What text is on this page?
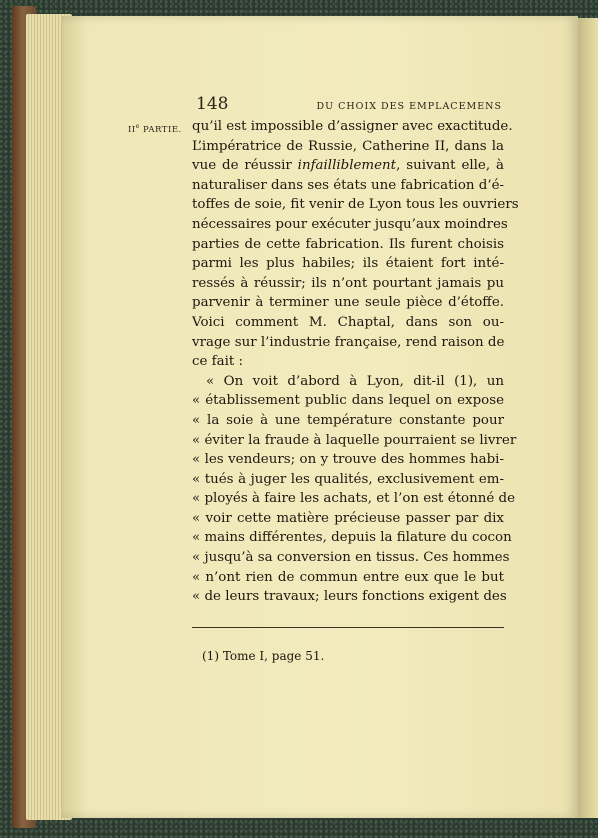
148	DU CHOIX DES EMPLACEMENS
IIe PARTIE. qu’il est impossible d’assigner avec exactitude.
L’impératrice de Russie, Catherine II, dans la
vue de réussir infailliblement, suivant elle, à
naturaliser dans ses états une fabrication d’é-
toffes de soie, fit venir de Lyon tous les ouvriers
nécessaires pour exécuter jusqu’aux moindres
parties de cette fabrication. Ils furent choisis
parmi les plus habiles; ils étaient fort inté-
ressés à réussir; ils n’ont pourtant jamais pu
parvenir à terminer une seule pièce d’étoffe.
Voici comment M. Chaptal, dans son ou-
vrage sur l’industrie française, rend raison de
ce fait :
« On voit d’abord à Lyon, dit-il (1), un
« établissement public dans lequel on expose
« la soie à une température constante pour
« éviter la fraude à laquelle pourraient se livrer
« les vendeurs; on y trouve des hommes habi-
« tués à juger les qualités, exclusivement em-
« ployés à faire les achats, et l’on est étonné de
« voir cette matière précieuse passer par dix
« mains différentes, depuis la filature du cocon
« jusqu’à sa conversion en tissus. Ces hommes
« n’ont rien de commun entre eux que le but
« de leurs travaux; leurs fonctions exigent des
(1) Tome I, page 51.
